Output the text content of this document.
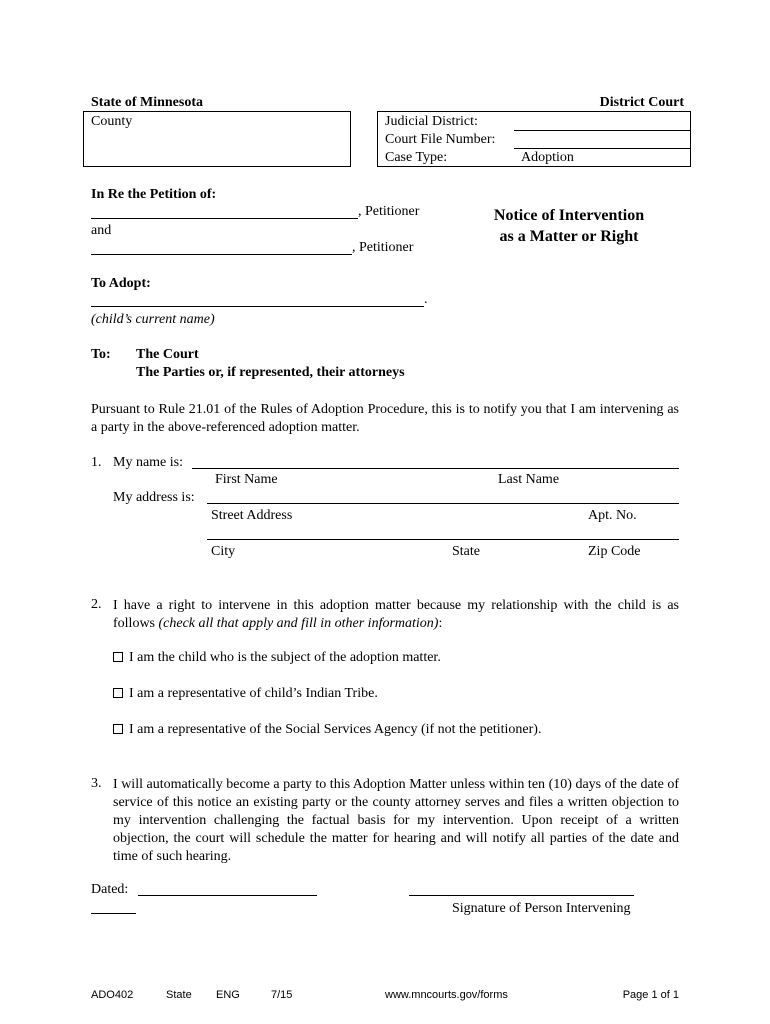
State of Minnesota	District Court
County	Judicial District:
Court File Number:
Case Type:	Adoption
In Re the Petition of:
, Petitioner
and
, Petitioner
Notice of Intervention
as a Matter or Right
To Adopt:
.
(child’s current name)
To: The Court
The Parties or, if represented, their attorneys
Pursuant to Rule 21.01 of the Rules of Adoption Procedure, this is to notify you that I am intervening as a party in the above-referenced adoption matter.
1. My name is:
First Name	Last Name
My address is:
Street Address	Apt. No.
City	State	Zip Code
2. I have a right to intervene in this adoption matter because my relationship with the child is as follows (check all that apply and fill in other information):
I am the child who is the subject of the adoption matter.
I am a representative of child’s Indian Tribe.
I am a representative of the Social Services Agency (if not the petitioner).
3. I will automatically become a party to this Adoption Matter unless within ten (10) days of the date of service of this notice an existing party or the county attorney serves and files a written objection to my intervention challenging the factual basis for my intervention. Upon receipt of a written objection, the court will schedule the matter for hearing and will notify all parties of the date and time of such hearing.
Dated:
Signature of Person Intervening
ADO402	State ENG	7/15	www.mncourts.gov/forms	Page 1 of 1
